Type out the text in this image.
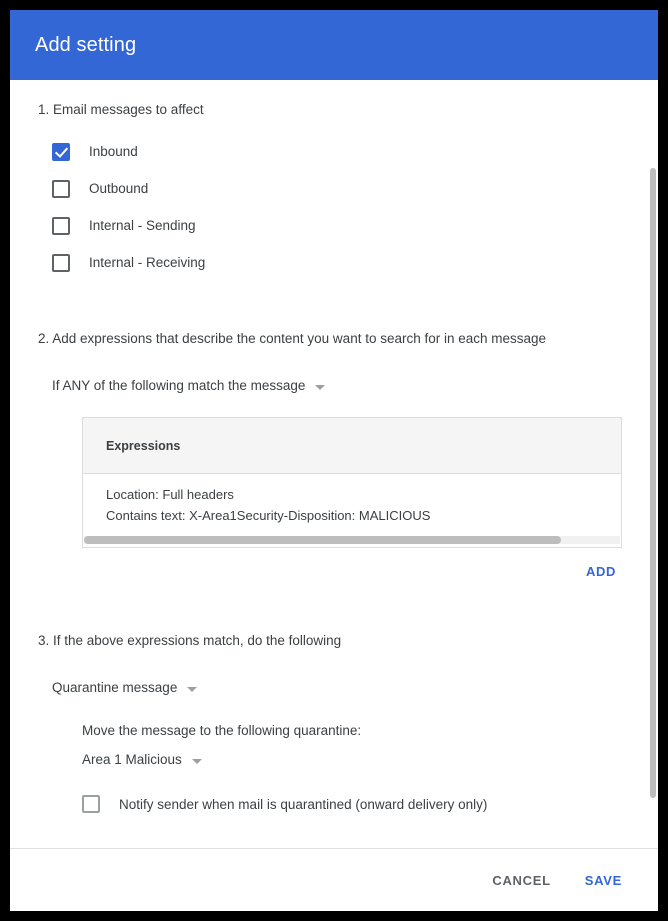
Add setting
1. Email messages to affect
Inbound
Outbound
Internal - Sending
Internal - Receiving
2. Add expressions that describe the content you want to search for in each message
If ANY of the following match the message
Expressions
Location: Full headers
Contains text: X-Area1Security-Disposition: MALICIOUS
ADD
3. If the above expressions match, do the following
Quarantine message
Move the message to the following quarantine:
Area 1 Malicious
Notify sender when mail is quarantined (onward delivery only)
CANCEL	SAVE
